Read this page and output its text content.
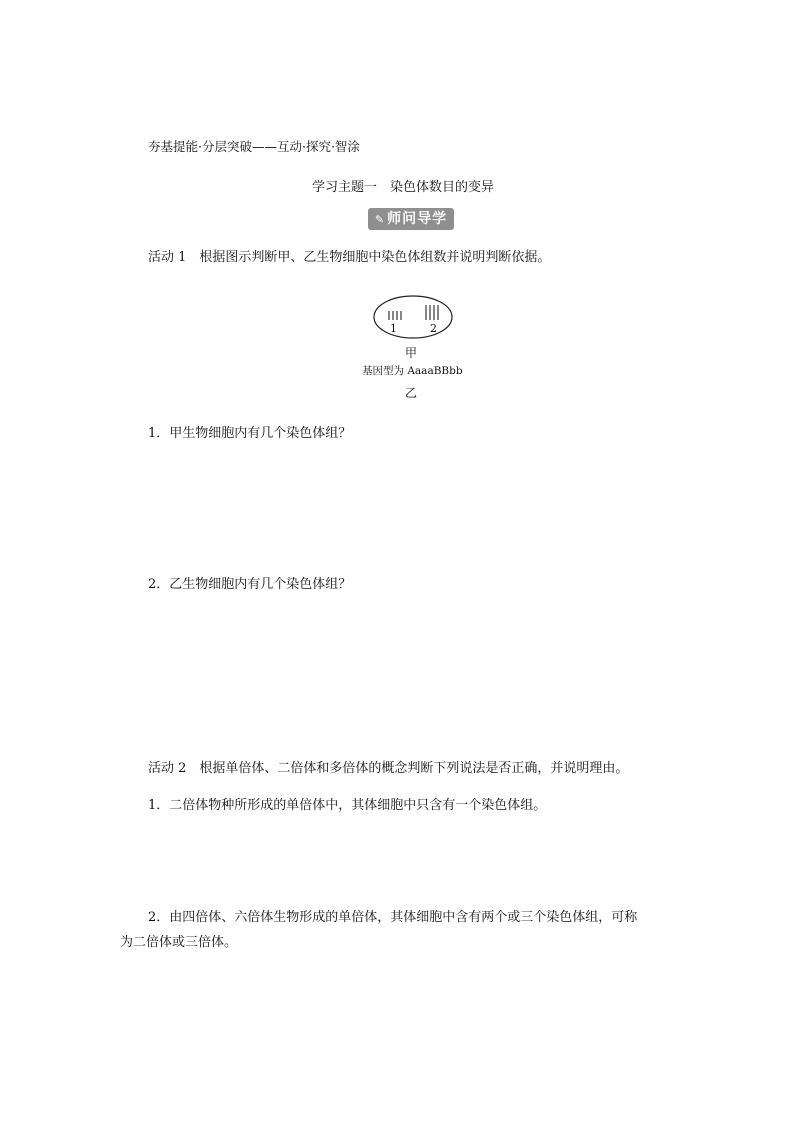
夯基提能·分层突破——互动·探究·智涂
学习主题一　染色体数目的变异
✎ 师问导学
活动 1　根据图示判断甲、乙生物细胞中染色体组数并说明判断依据。
1	2
甲
基因型为 AaaaBBbb
乙
1．甲生物细胞内有几个染色体组？
2．乙生物细胞内有几个染色体组？
活动 2　根据单倍体、二倍体和多倍体的概念判断下列说法是否正确，并说明理由。
1．二倍体物种所形成的单倍体中，其体细胞中只含有一个染色体组。
2．由四倍体、六倍体生物形成的单倍体，其体细胞中含有两个或三个染色体组，可称
为二倍体或三倍体。
